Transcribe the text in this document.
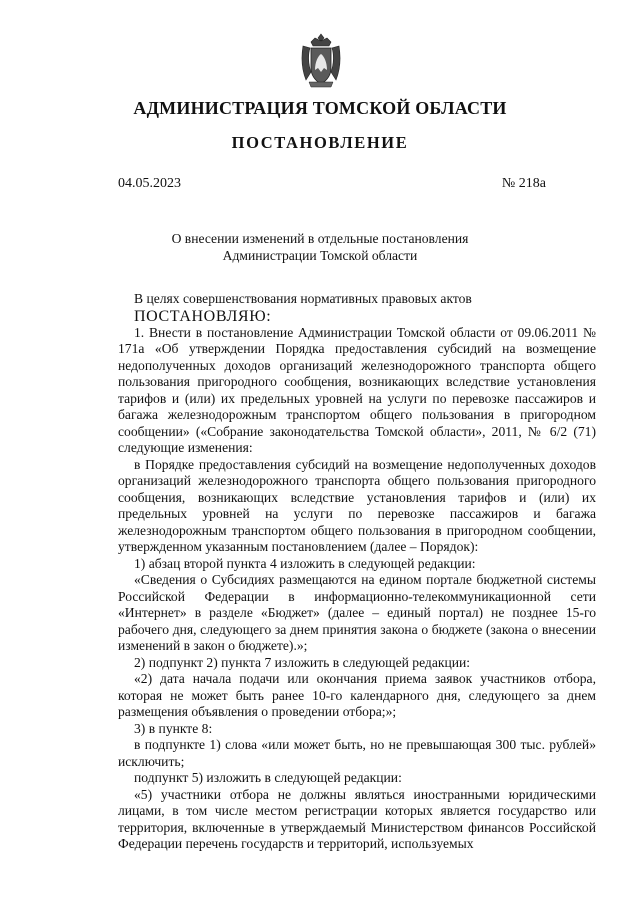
АДМИНИСТРАЦИЯ ТОМСКОЙ ОБЛАСТИ
ПОСТАНОВЛЕНИЕ
04.05.2023	№ 218а
О внесении изменений в отдельные постановления
Администрации Томской области

В целях совершенствования нормативных правовых актов

ПОСТАНОВЛЯЮ:

1. Внести в постановление Администрации Томской области от 09.06.2011 № 171а «Об утверждении Порядка предоставления субсидий на возмещение недополученных доходов организаций железнодорожного транспорта общего пользования пригородного сообщения, возникающих вследствие установления тарифов и (или) их предельных уровней на услуги по перевозке пассажиров и багажа железнодорожным транспортом общего пользования в пригородном сообщении» («Собрание законодательства Томской области», 2011, № 6/2 (71) следующие изменения:

в Порядке предоставления субсидий на возмещение недополученных доходов организаций железнодорожного транспорта общего пользования пригородного сообщения, возникающих вследствие установления тарифов и (или) их предельных уровней на услуги по перевозке пассажиров и багажа железнодорожным транспортом общего пользования в пригородном сообщении, утвержденном указанным постановлением (далее – Порядок):

1) абзац второй пункта 4 изложить в следующей редакции:

«Сведения о Субсидиях размещаются на едином портале бюджетной системы Российской Федерации в информационно-телекоммуникационной сети «Интернет» в разделе «Бюджет» (далее – единый портал) не позднее 15-го рабочего дня, следующего за днем принятия закона о бюджете (закона о внесении изменений в закон о бюджете).»;

2) подпункт 2) пункта 7 изложить в следующей редакции:

«2) дата начала подачи или окончания приема заявок участников отбора, которая не может быть ранее 10-го календарного дня, следующего за днем размещения объявления о проведении отбора;»;

3) в пункте 8:

в подпункте 1) слова «или может быть, но не превышающая 300 тыс. рублей» исключить;

подпункт 5) изложить в следующей редакции:

«5) участники отбора не должны являться иностранными юридическими лицами, в том числе местом регистрации которых является государство или территория, включенные в утверждаемый Министерством финансов Российской Федерации перечень государств и территорий, используемых
